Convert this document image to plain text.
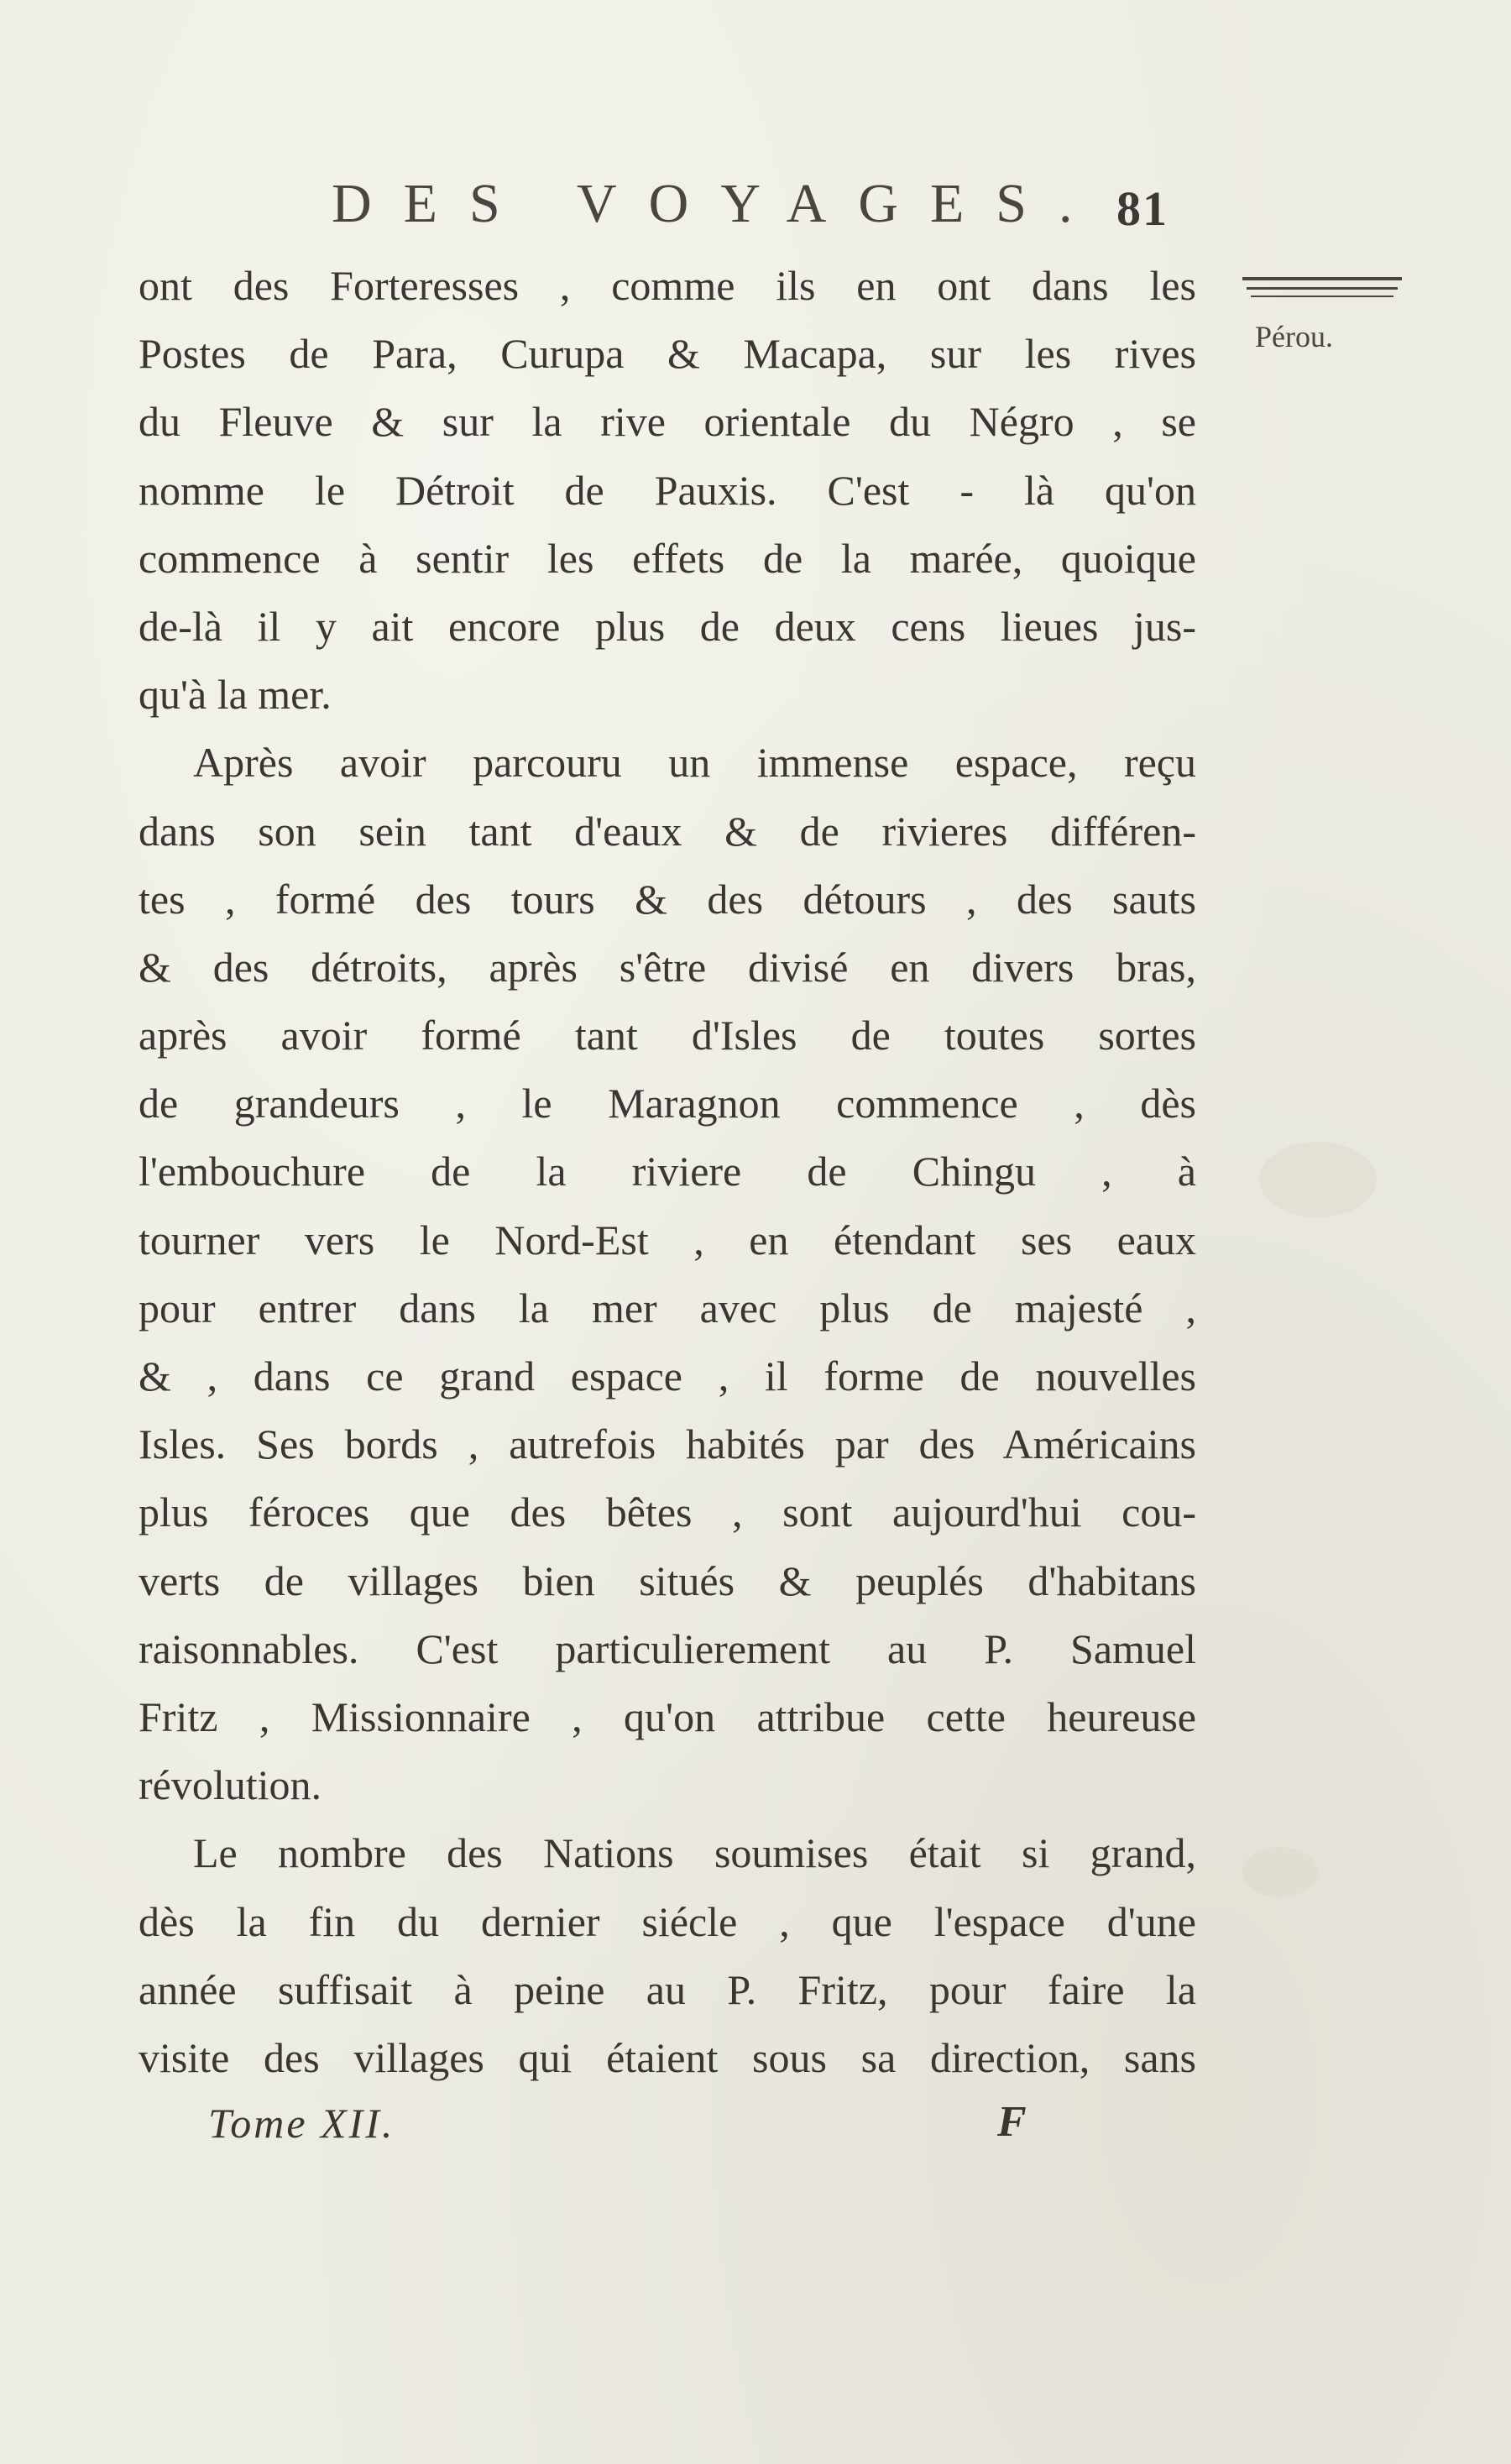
DES VOYAGES. 81
Pérou.
ont des Forteresses , comme ils en ont dans les
Postes de Para, Curupa & Macapa, sur les rives
du Fleuve & sur la rive orientale du Négro , se
nomme le Détroit de Pauxis. C'est - là qu'on
commence à sentir les effets de la marée, quoique
de-là il y ait encore plus de deux cens lieues jus-
qu'à la mer.
Après avoir parcouru un immense espace, reçu
dans son sein tant d'eaux & de rivieres différen-
tes , formé des tours & des détours , des sauts
& des détroits, après s'être divisé en divers bras,
après avoir formé tant d'Isles de toutes sortes
de grandeurs , le Maragnon commence , dès
l'embouchure de la riviere de Chingu , à
tourner vers le Nord-Est , en étendant ses eaux
pour entrer dans la mer avec plus de majesté ,
& , dans ce grand espace , il forme de nouvelles
Isles. Ses bords , autrefois habités par des Américains
plus féroces que des bêtes , sont aujourd'hui cou-
verts de villages bien situés & peuplés d'habitans
raisonnables. C'est particulierement au P. Samuel
Fritz , Missionnaire , qu'on attribue cette heureuse
révolution.
Le nombre des Nations soumises était si grand,
dès la fin du dernier siécle , que l'espace d'une
année suffisait à peine au P. Fritz, pour faire la
visite des villages qui étaient sous sa direction, sans
Tome XII.	F
